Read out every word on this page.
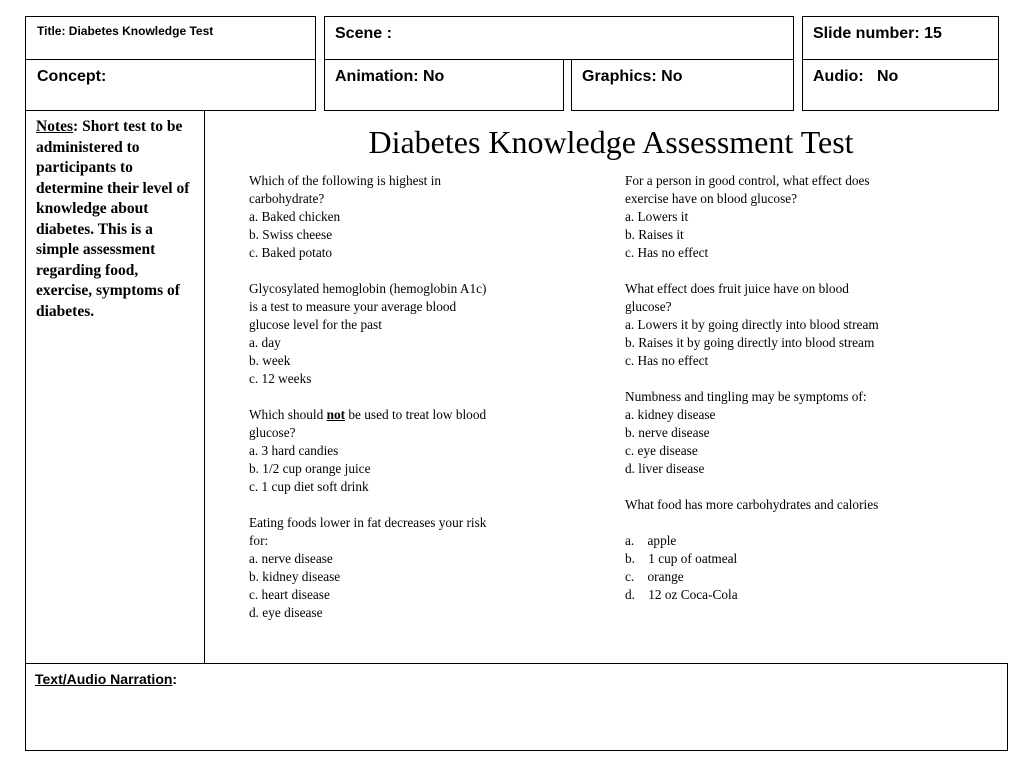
Title: Diabetes Knowledge Test	Scene :	Slide number: 15
Concept:	Animation: No	Graphics: No	Audio:   No
Notes: Short test to be administered to participants to determine their level of knowledge about diabetes. This is a simple assessment regarding food, exercise, symptoms of diabetes.
Diabetes Knowledge Assessment Test
Which of the following is highest in
carbohydrate?
a. Baked chicken
b. Swiss cheese
c. Baked potato
Glycosylated hemoglobin (hemoglobin A1c)
is a test to measure your average blood
glucose level for the past
a. day
b. week
c. 12 weeks
Which should not be used to treat low blood
glucose?
a. 3 hard candies
b. 1/2 cup orange juice
c. 1 cup diet soft drink
Eating foods lower in fat decreases your risk
for:
a. nerve disease
b. kidney disease
c. heart disease
d. eye disease
For a person in good control, what effect does
exercise have on blood glucose?
a. Lowers it
b. Raises it
c. Has no effect
What effect does fruit juice have on blood
glucose?
a. Lowers it by going directly into blood stream
b. Raises it by going directly into blood stream
c. Has no effect
Numbness and tingling may be symptoms of:
a. kidney disease
b. nerve disease
c. eye disease
d. liver disease
What food has more carbohydrates and calories
a.    apple
b.    1 cup of oatmeal
c.    orange
d.    12 oz Coca-Cola
Text/Audio Narration:
